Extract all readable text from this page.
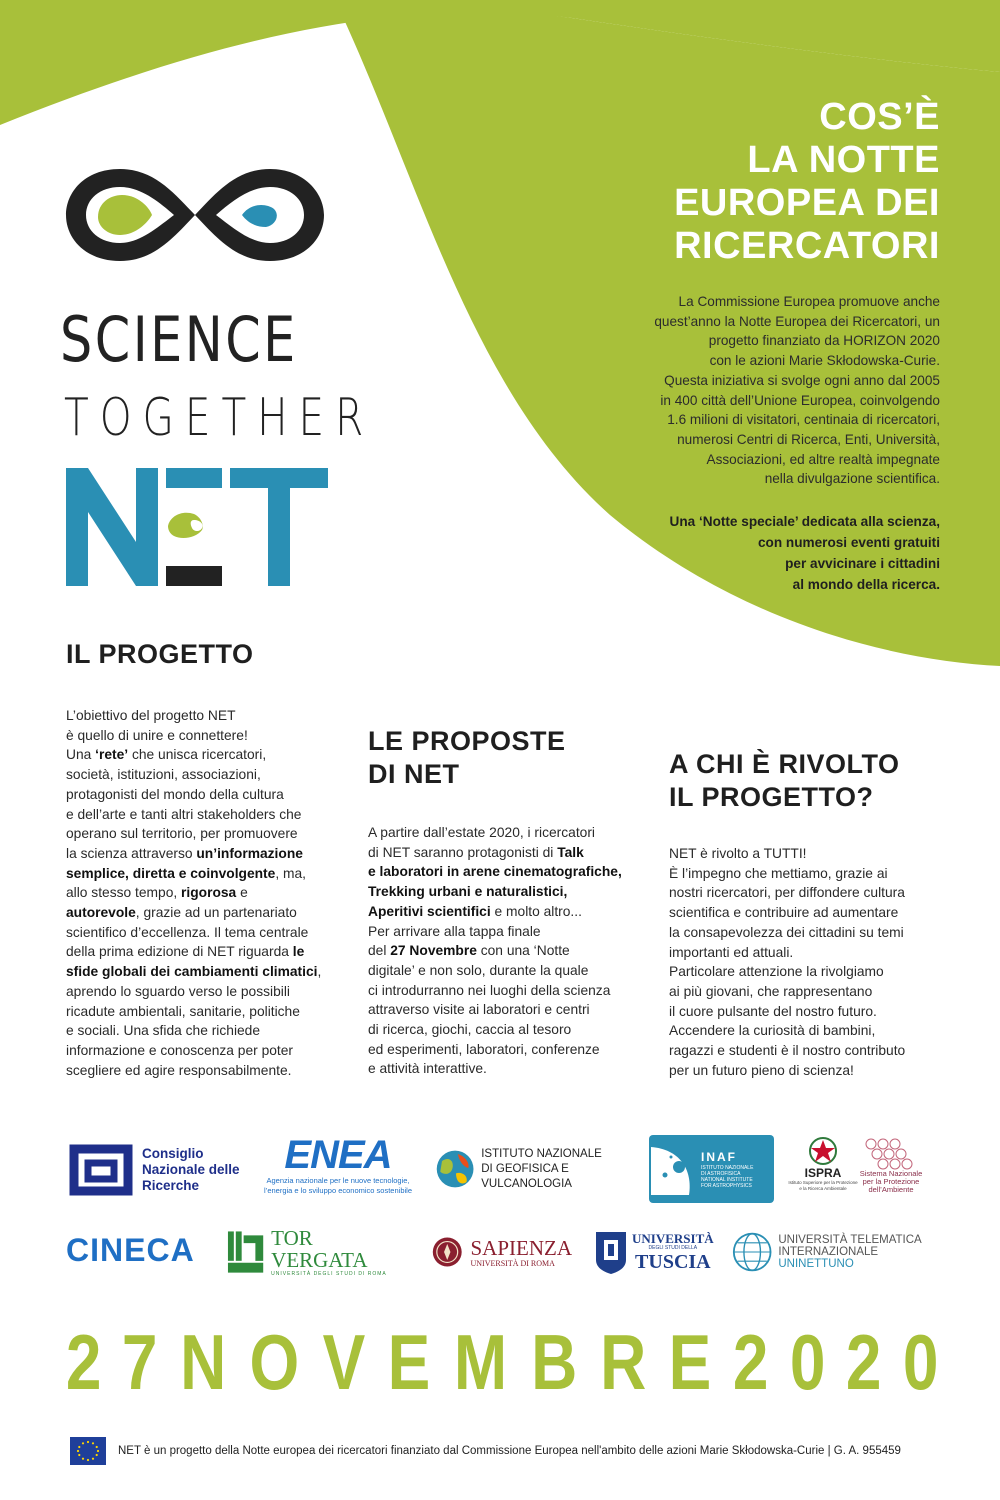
SCIENCE
TOGETHER
COS’È
LA NOTTE
EUROPEA DEI
RICERCATORI
La Commissione Europea promuove anche
quest’anno la Notte Europea dei Ricercatori, un
progetto finanziato da HORIZON 2020
con le azioni Marie Skłodowska-Curie.
Questa iniziativa si svolge ogni anno dal 2005
in 400 città dell’Unione Europea, coinvolgendo
1.6 milioni di visitatori, centinaia di ricercatori,
numerosi Centri di Ricerca, Enti, Università,
Associazioni, ed altre realtà impegnate
nella divulgazione scientifica.
Una ‘Notte speciale’ dedicata alla scienza,
con numerosi eventi gratuiti
per avvicinare i cittadini
al mondo della ricerca.
IL PROGETTO
L’obiettivo del progetto NET
è quello di unire e connettere!
Una ‘rete’ che unisca ricercatori,
società, istituzioni, associazioni,
protagonisti del mondo della cultura
e dell’arte e tanti altri stakeholders che
operano sul territorio, per promuovere
la scienza attraverso un’informazione
semplice, diretta e coinvolgente, ma,
allo stesso tempo, rigorosa e
autorevole, grazie ad un partenariato
scientifico d’eccellenza. Il tema centrale
della prima edizione di NET riguarda le
sfide globali dei cambiamenti climatici,
aprendo lo sguardo verso le possibili
ricadute ambientali, sanitarie, politiche
e sociali. Una sfida che richiede
informazione e conoscenza per poter
scegliere ed agire responsabilmente.
LE PROPOSTE
DI NET
A partire dall’estate 2020, i ricercatori
di NET saranno protagonisti di Talk
e laboratori in arene cinematografiche,
Trekking urbani e naturalistici,
Aperitivi scientifici e molto altro...
Per arrivare alla tappa finale
del 27 Novembre con una ‘Notte
digitale’ e non solo, durante la quale
ci introdurranno nei luoghi della scienza
attraverso visite ai laboratori e centri
di ricerca, giochi, caccia al tesoro
ed esperimenti, laboratori, conferenze
e attività interattive.
A CHI È RIVOLTO
IL PROGETTO?
NET è rivolto a TUTTI!
È l’impegno che mettiamo, grazie ai
nostri ricercatori, per diffondere cultura
scientifica e contribuire ad aumentare
la consapevolezza dei cittadini su temi
importanti ed attuali.
Particolare attenzione la rivolgiamo
ai più giovani, che rappresentano
il cuore pulsante del nostro futuro.
Accendere la curiosità di bambini,
ragazzi e studenti è il nostro contributo
per un futuro pieno di scienza!
Consiglio
Nazionale delle
Ricerche
ENEA
Agenzia nazionale per le nuove tecnologie,
l’energia e lo sviluppo economico sostenibile
ISTITUTO NAZIONALE
DI GEOFISICA E VULCANOLOGIA
INAF
ISTITUTO NAZIONALE
DI ASTROFISICA
NATIONAL INSTITUTE
FOR ASTROPHYSICS
ISPRA
Istituto Superiore per la Protezione
e la Ricerca Ambientale
Sistema Nazionale
per la Protezione
dell’Ambiente
CINECA	TOR VERGATA
UNIVERSITÀ DEGLI STUDI DI ROMA
SAPIENZA
UNIVERSITÀ DI ROMA
UNIVERSITÀ
DEGLI STUDI DELLA
TUSCIA
UNIVERSITÀ TELEMATICA
INTERNAZIONALE UNINETTUNO
2 7 N O V E M B R E 2 0 2 0
NET è un progetto della Notte europea dei ricercatori finanziato dal Commissione Europea nell'ambito delle azioni Marie Skłodowska-Curie | G. A. 955459
